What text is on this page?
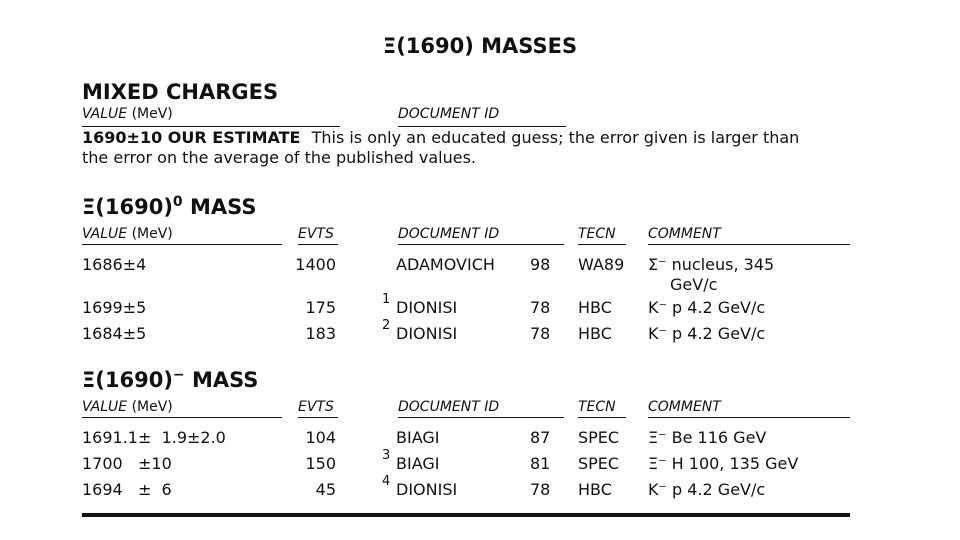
Ξ(1690) MASSES
MIXED CHARGES
VALUE (MeV)	DOCUMENT ID
1690±10 OUR ESTIMATE This is only an educated guess; the error given is larger than
the error on the average of the published values.
$\Xi(1690)^0$ MASS
VALUE (MeV)	EVTS	DOCUMENT ID	TECN COMMENT
1686±4	1400	ADAMOVICH 98 WA89 Σ⁻ nucleus, 345
GeV/c
1699±5	175	1 DIONISI	78 HBC K⁻ p 4.2 GeV/c
1684±5	183	2 DIONISI	78 HBC K⁻ p 4.2 GeV/c
Ξ(1690)− MASS
VALUE (MeV)	EVTS	DOCUMENT ID	TECN COMMENT
1691.1±  1.9±2.0	104	BIAGI	87 SPEC Ξ⁻ Be 116 GeV
1700   ±10	150	3 BIAGI	81 SPEC Ξ⁻ H 100, 135 GeV
1694   ±  6	45	4 DIONISI	78 HBC K⁻ p 4.2 GeV/c
